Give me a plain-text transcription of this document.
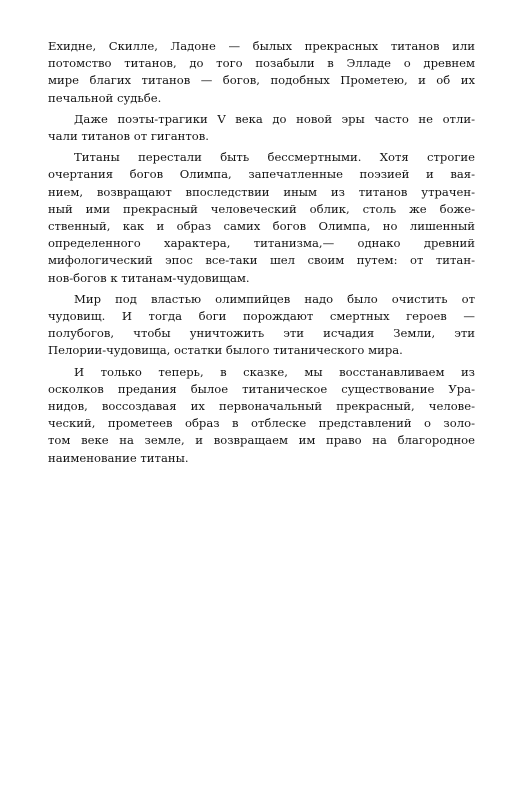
Ехидне, Скилле, Ладоне — былых прекрасных титанов или
потомство титанов, до того позабыли в Элладе о древнем
мире благих титанов — богов, подобных Прометею, и об их
печальной судьбе.
Даже поэты-трагики V века до новой эры часто не отли-
чали титанов от гигантов.
Титаны перестали быть бессмертными. Хотя строгие
очертания богов Олимпа, запечатленные поэзией и вая-
нием, возвращают впоследствии иным из титанов утрачен-
ный ими прекрасный человеческий облик, столь же боже-
ственный, как и образ самих богов Олимпа, но лишенный
определенного характера, титанизма,— однако древний
мифологический эпос все-таки шел своим путем: от титан-
нов-богов к титанам-чудовищам.
Мир под властью олимпийцев надо было очистить от
чудовищ. И тогда боги порождают смертных героев —
полубогов, чтобы уничтожить эти исчадия Земли, эти
Пелории-чудовища, остатки былого титанического мира.
И только теперь, в сказке, мы восстанавливаем из
осколков предания былое титаническое существование Ура-
нидов, воссоздавая их первоначальный прекрасный, челове-
ческий, прометеев образ в отблеске представлений о золо-
том веке на земле, и возвращаем им право на благородное
наименование титаны.
